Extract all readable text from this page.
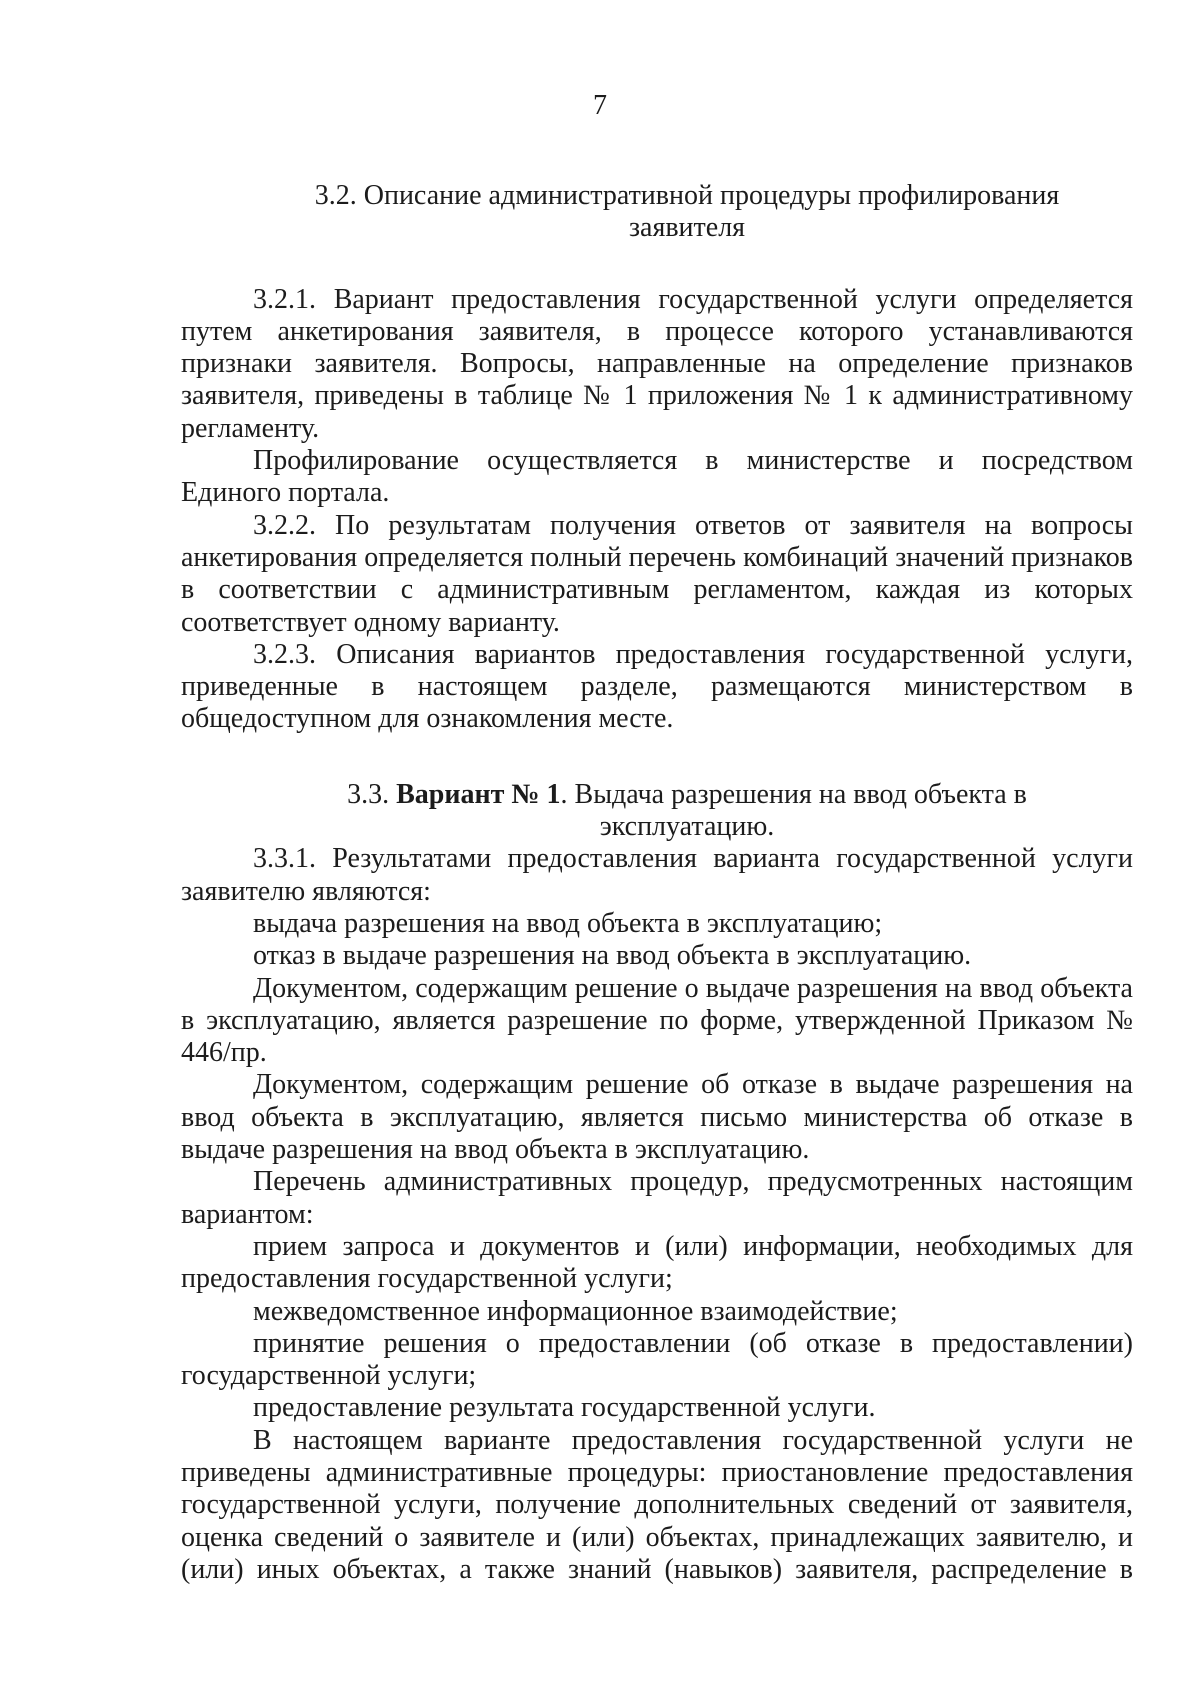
7
3.2. Описание административной процедуры профилирования
заявителя

3.2.1. Вариант предоставления государственной услуги определяется путем анкетирования заявителя, в процессе которого устанавливаются признаки заявителя. Вопросы, направленные на определение признаков заявителя, приведены в таблице № 1 приложения № 1 к административному регламенту.

Профилирование осуществляется в министерстве и посредством Единого портала.

3.2.2. По результатам получения ответов от заявителя на вопросы анкетирования определяется полный перечень комбинаций значений признаков в соответствии с административным регламентом, каждая из которых соответствует одному варианту.

3.2.3. Описания вариантов предоставления государственной услуги, приведенные в настоящем разделе, размещаются министерством в общедоступном для ознакомления месте.

3.3. Вариант № 1. Выдача разрешения на ввод объекта в
эксплуатацию.

3.3.1. Результатами предоставления варианта государственной услуги заявителю являются:

выдача разрешения на ввод объекта в эксплуатацию;

отказ в выдаче разрешения на ввод объекта в эксплуатацию.

Документом, содержащим решение о выдаче разрешения на ввод объекта в эксплуатацию, является разрешение по форме, утвержденной Приказом № 446/пр.

Документом, содержащим решение об отказе в выдаче разрешения на ввод объекта в эксплуатацию, является письмо министерства об отказе в выдаче разрешения на ввод объекта в эксплуатацию.

Перечень административных процедур, предусмотренных настоящим вариантом:

прием запроса и документов и (или) информации, необходимых для предоставления государственной услуги;

межведомственное информационное взаимодействие;

принятие решения о предоставлении (об отказе в предоставлении) государственной услуги;

предоставление результата государственной услуги.

В настоящем варианте предоставления государственной услуги не приведены административные процедуры: приостановление предоставления государственной услуги, получение дополнительных сведений от заявителя, оценка сведений о заявителе и (или) объектах, принадлежащих заявителю, и (или) иных объектах, а также знаний (навыков) заявителя, распределение в
